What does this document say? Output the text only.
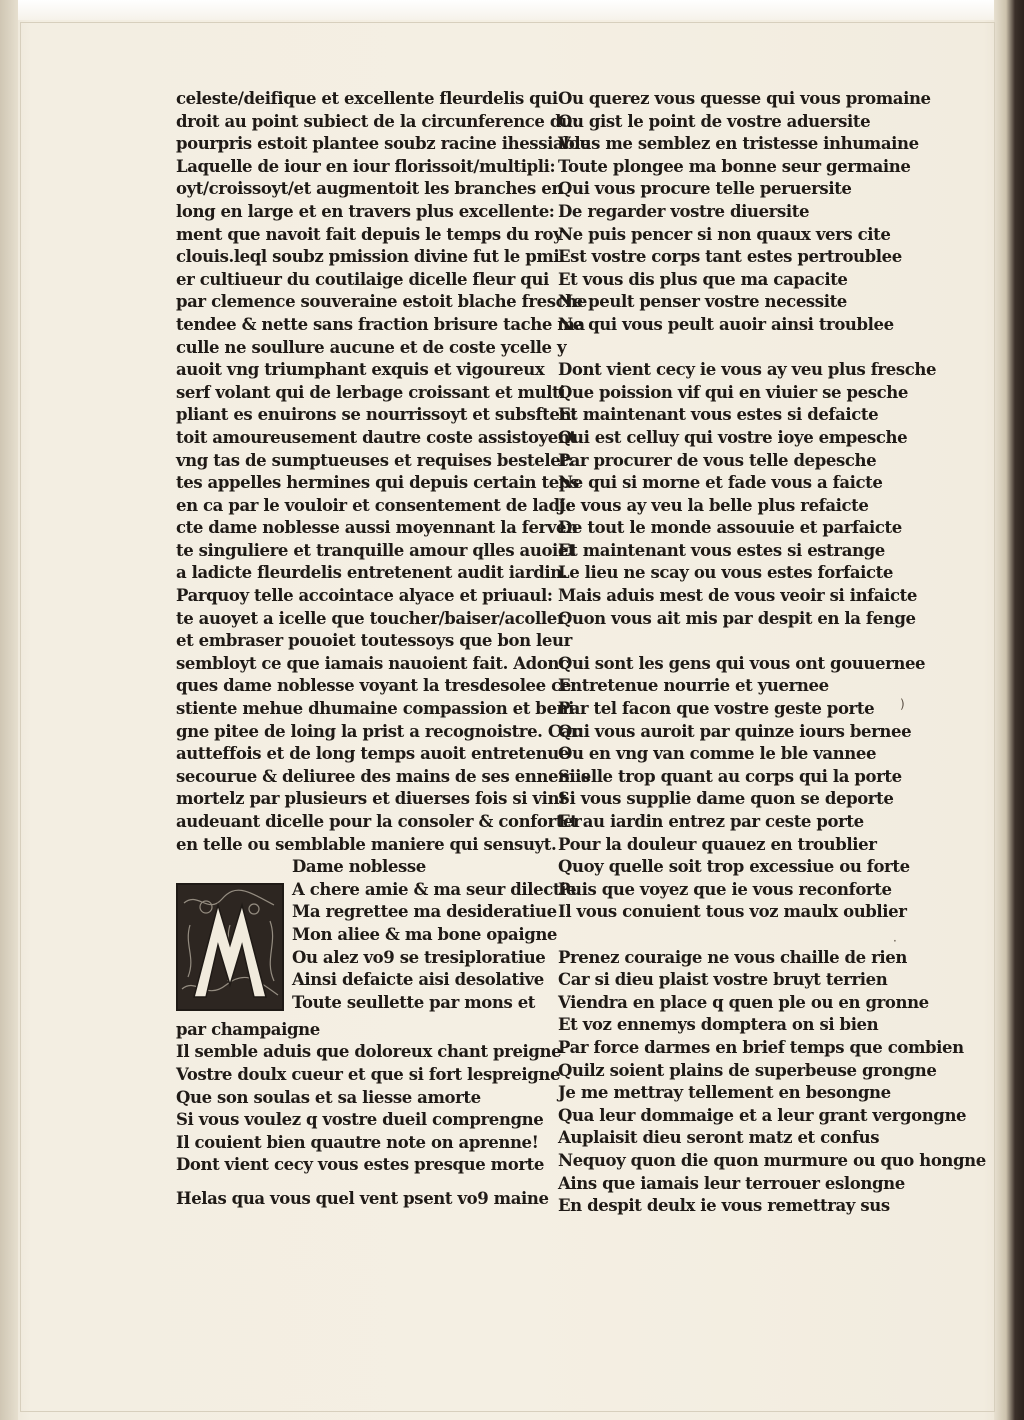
celeste/deifique et excellente fleurdelis qui
droit au point subiect de la circunference du:
pourpris estoit plantee soubz racine ihessiable
Laquelle de iour en iour florissoit/multipli:
oyt/croissoyt/et augmentoit les branches en
long en large et en travers plus excellente:
ment que navoit fait depuis le temps du roy
clouis.leql soubz pmission divine fut le pmi:
er cultiueur du coutilaige dicelle fleur qui
par clemence souveraine estoit blache fresche
tendee & nette sans fraction brisure tache ma
culle ne soullure aucune et de coste ycelle y
auoit vng triumphant exquis et vigoureux
serf volant qui de lerbage croissant et multi
pliant es enuirons se nourrissoyt et subsften:
toit amoureusement dautre coste assistoyent
vng tas de sumptueuses et requises bestelet:
tes appelles hermines qui depuis certain teps
en ca par le vouloir et consentement de ladi:
cte dame noblesse aussi moyennant la ferven
te singuliere et tranquille amour qlles auoiet
a ladicte fleurdelis entretenent audit iardin.
Parquoy telle accointace alyace et priuaul:
te auoyet a icelle que toucher/baiser/acoller
et embraser pouoiet toutessoys que bon leur
sembloyt ce que iamais nauoient fait. Adonc
ques dame noblesse voyant la tresdesolee ce:
stiente mehue dhumaine compassion et beni:
gne pitee de loing la prist a recognoistre. Car
autteffois et de long temps auoit entretenue
secourue & deliuree des mains de ses ennemis
mortelz par plusieurs et diuerses fois si vint
audeuant dicelle pour la consoler & conforter
en telle ou semblable maniere qui sensuyt.
Dame noblesse
A chere amie & ma seur dilectie
Ma regrettee ma desideratiue
Mon aliee & ma bone opaigne
Ou alez vo9 se tresiploratiue
Ainsi defaicte aisi desolative
Toute seullette par mons et
par champaigne
Il semble aduis que doloreux chant preigne
Vostre doulx cueur et que si fort lespreigne
Que son soulas et sa liesse amorte
Si vous voulez q vostre dueil comprengne
Il couient bien quautre note on aprenne!
Dont vient cecy vous estes presque morte
Helas qua vous quel vent psent vo9 maine
Ou querez vous quesse qui vous promaine
Ou gist le point de vostre aduersite
Vous me semblez en tristesse inhumaine
Toute plongee ma bonne seur germaine
Qui vous procure telle peruersite
De regarder vostre diuersite
Ne puis pencer si non quaux vers cite
Est vostre corps tant estes pertroublee
Et vous dis plus que ma capacite
Ne peult penser vostre necessite
Ne qui vous peult auoir ainsi troublee
Dont vient cecy ie vous ay veu plus fresche
Que poission vif qui en viuier se pesche
Et maintenant vous estes si defaicte
Qui est celluy qui vostre ioye empesche
Par procurer de vous telle depesche
Ne qui si morne et fade vous a faicte
Je vous ay veu la belle plus refaicte
De tout le monde assouuie et parfaicte
Et maintenant vous estes si estrange
Le lieu ne scay ou vous estes forfaicte
Mais aduis mest de vous veoir si infaicte
Quon vous ait mis par despit en la fenge
Qui sont les gens qui vous ont gouuernee
Entretenue nourrie et yuernee
Par tel facon que vostre geste porte
Qui vous auroit par quinze iours bernee
Ou en vng van comme le ble vannee
Si elle trop quant au corps qui la porte
Si vous supplie dame quon se deporte
Et au iardin entrez par ceste porte
Pour la douleur quauez en troublier
Quoy quelle soit trop excessiue ou forte
Puis que voyez que ie vous reconforte
Il vous conuient tous voz maulx oublier
Prenez couraige ne vous chaille de rien
Car si dieu plaist vostre bruyt terrien
Viendra en place q quen ple ou en gronne
Et voz ennemys domptera on si bien
Par force darmes en brief temps que combien
Quilz soient plains de superbeuse grongne
Je me mettray tellement en besongne
Qua leur dommaige et a leur grant vergongne
Auplaisit dieu seront matz et confus
Nequoy quon die quon murmure ou quo hongne
Ains que iamais leur terrouer eslongne
En despit deulx ie vous remettray sus
)
·
